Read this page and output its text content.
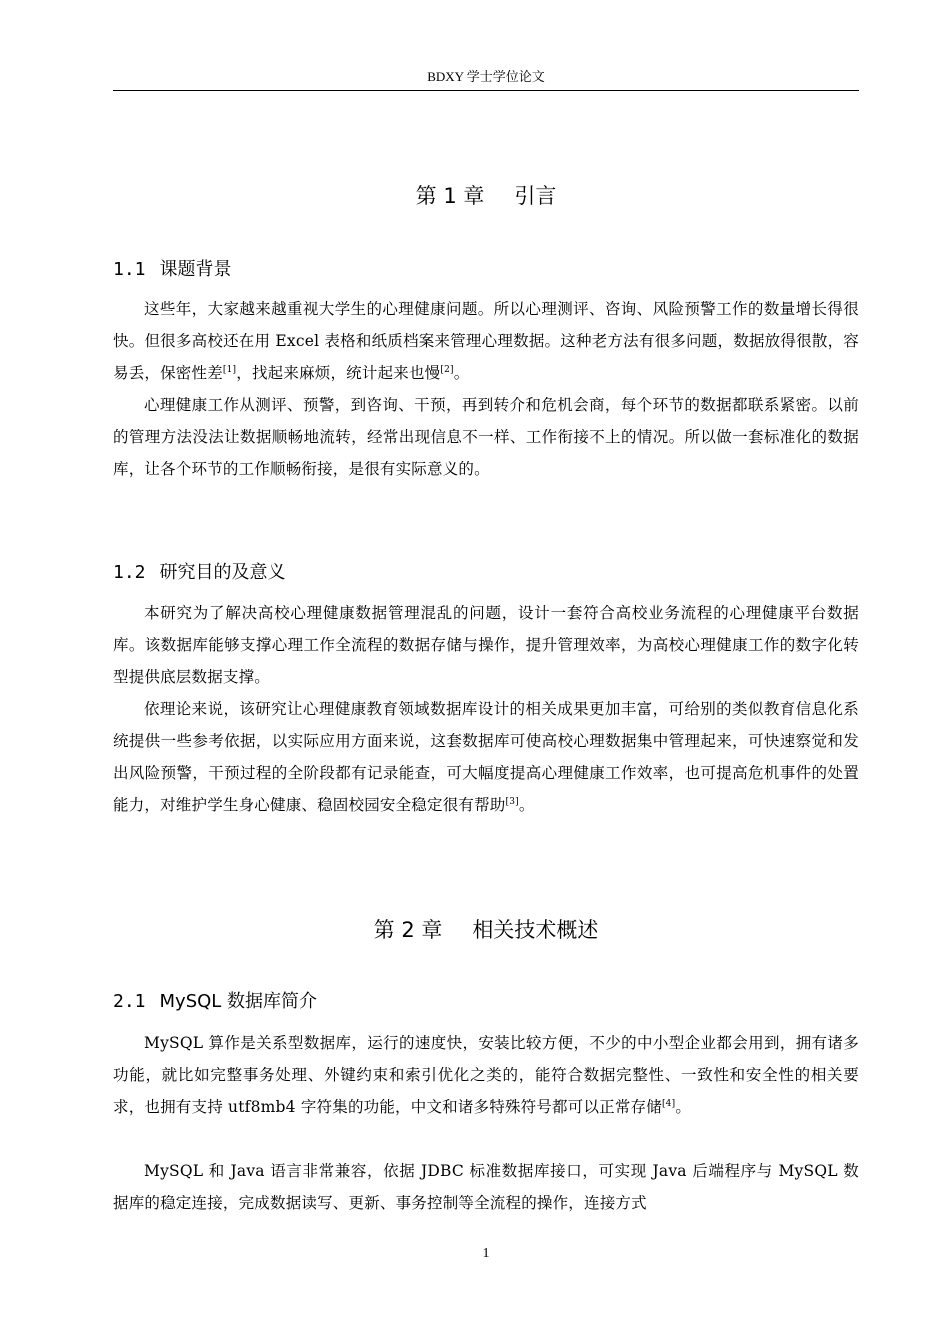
BDXY 学士学位论文
第 1 章 引言
1.1 课题背景

这些年，大家越来越重视大学生的心理健康问题。所以心理测评、咨询、风险预警工作的数量增长得很快。但很多高校还在用 Excel 表格和纸质档案来管理心理数据。这种老方法有很多问题，数据放得很散，容易丢，保密性差[1]，找起来麻烦，统计起来也慢[2]。

心理健康工作从测评、预警，到咨询、干预，再到转介和危机会商，每个环节的数据都联系紧密。以前的管理方法没法让数据顺畅地流转，经常出现信息不一样、工作衔接不上的情况。所以做一套标准化的数据库，让各个环节的工作顺畅衔接，是很有实际意义的。

1.2 研究目的及意义

本研究为了解决高校心理健康数据管理混乱的问题，设计一套符合高校业务流程的心理健康平台数据库。该数据库能够支撑心理工作全流程的数据存储与操作，提升管理效率，为高校心理健康工作的数字化转型提供底层数据支撑。

依理论来说，该研究让心理健康教育领域数据库设计的相关成果更加丰富，可给别的类似教育信息化系统提供一些参考依据，以实际应用方面来说，这套数据库可使高校心理数据集中管理起来，可快速察觉和发出风险预警，干预过程的全阶段都有记录能查，可大幅度提高心理健康工作效率，也可提高危机事件的处置能力，对维护学生身心健康、稳固校园安全稳定很有帮助[3]。

第 2 章 相关技术概述
2.1 MySQL 数据库简介

MySQL 算作是关系型数据库，运行的速度快，安装比较方便，不少的中小型企业都会用到，拥有诸多功能，就比如完整事务处理、外键约束和索引优化之类的，能符合数据完整性、一致性和安全性的相关要求，也拥有支持 utf8mb4 字符集的功能，中文和诸多特殊符号都可以正常存储[4]。

MySQL 和 Java 语言非常兼容，依据 JDBC 标准数据库接口，可实现 Java 后端程序与 MySQL 数据库的稳定连接，完成数据读写、更新、事务控制等全流程的操作，连接方式

1
